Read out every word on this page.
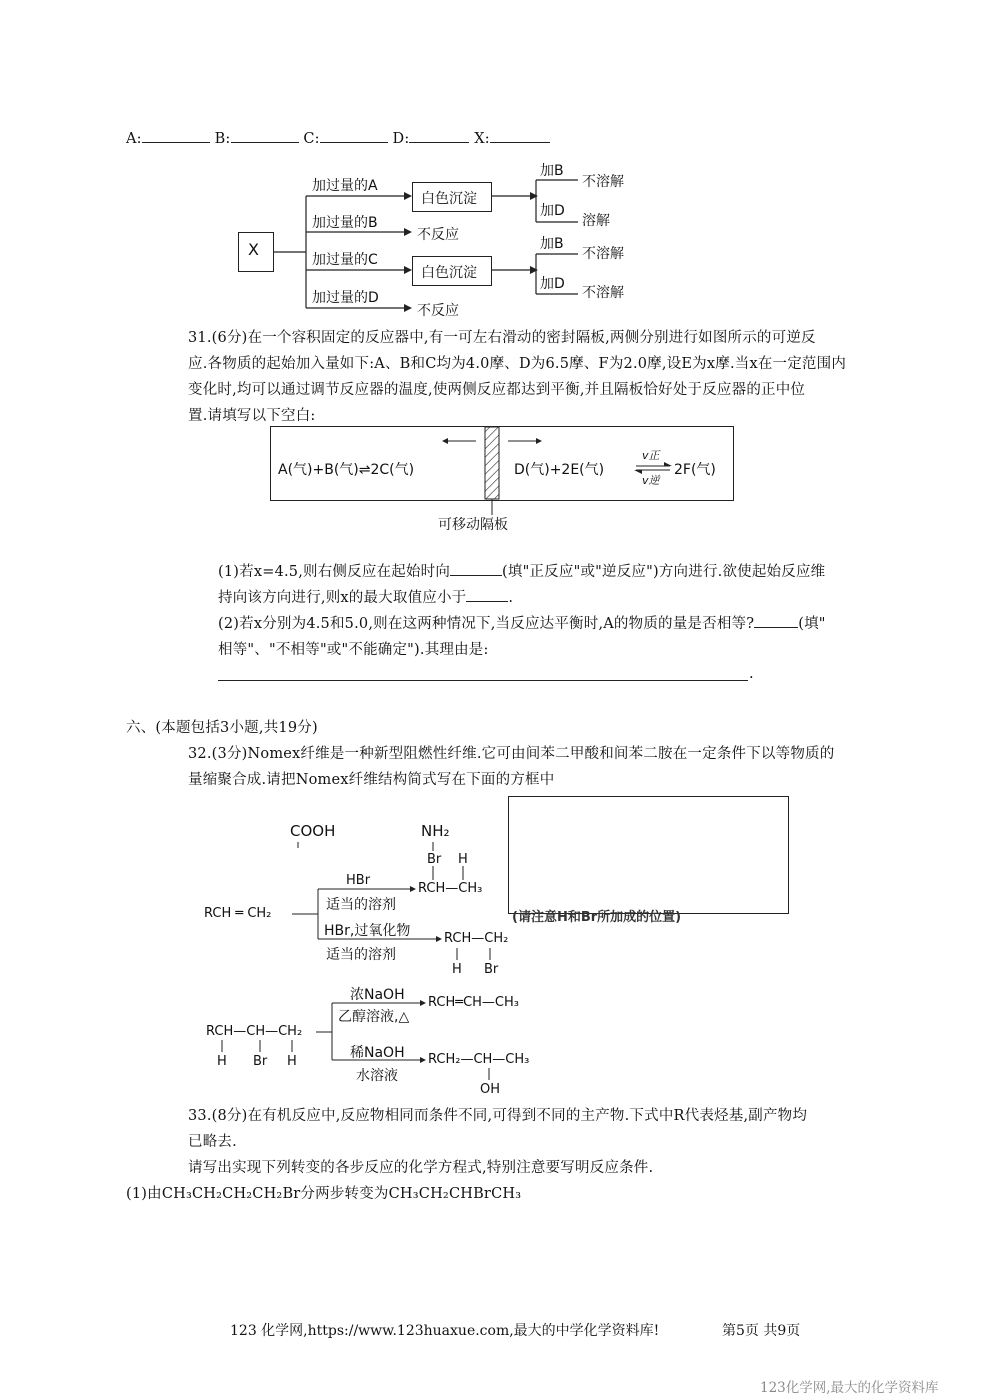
A:	B:	C:	D:	X:
X
加过量的A
加过量的B
加过量的C
加过量的D
白色沉淀
白色沉淀
不反应
不反应
加B
加D
加B
加D
不溶解
溶解
不溶解
不溶解
31.(6分)在一个容积固定的反应器中,有一可左右滑动的密封隔板,两侧分别进行如图所示的可逆反
应.各物质的起始加入量如下:A、B和C均为4.0摩、D为6.5摩、F为2.0摩,设E为x摩.当x在一定范围内
变化时,均可以通过调节反应器的温度,使两侧反应都达到平衡,并且隔板恰好处于反应器的正中位
置.请填写以下空白:
A(气)+B(气)⇌2C(气)	D(气)+2E(气)	2F(气)
v正
v逆
可移动隔板
(1)若x=4.5,则右侧反应在起始时向	(填"正反应"或"逆反应")方向进行.欲使起始反应维
持向该方向进行,则x的最大取值应小于	.
(2)若x分别为4.5和5.0,则在这两种情况下,当反应达平衡时,A的物质的量是否相等?	(填"
相等"、"不相等"或"不能确定").其理由是:
.
六、(本题包括3小题,共19分)
32.(3分)Nomex纤维是一种新型阻燃性纤维.它可由间苯二甲酸和间苯二胺在一定条件下以等物质的
量缩聚合成.请把Nomex纤维结构简式写在下面的方框中
(请注意H和Br所加成的位置)
COOH	NH₂
RCH ═ CH₂
HBr
适当的溶剂
HBr,过氧化物
适当的溶剂
Br H
RCH—CH₃
RCH—CH₂
H Br
RCH—CH—CH₂
H Br H
浓NaOH
乙醇溶液,△
RCH═CH—CH₃
稀NaOH
水溶液
RCH₂—CH—CH₃
OH
33.(8分)在有机反应中,反应物相同而条件不同,可得到不同的主产物.下式中R代表烃基,副产物均
已略去.
请写出实现下列转变的各步反应的化学方程式,特别注意要写明反应条件.
(1)由CH₃CH₂CH₂CH₂Br分两步转变为CH₃CH₂CHBrCH₃
123 化学网,https://www.123huaxue.com,最大的中学化学资料库!	第5页 共9页
123化学网,最大的化学资料库
